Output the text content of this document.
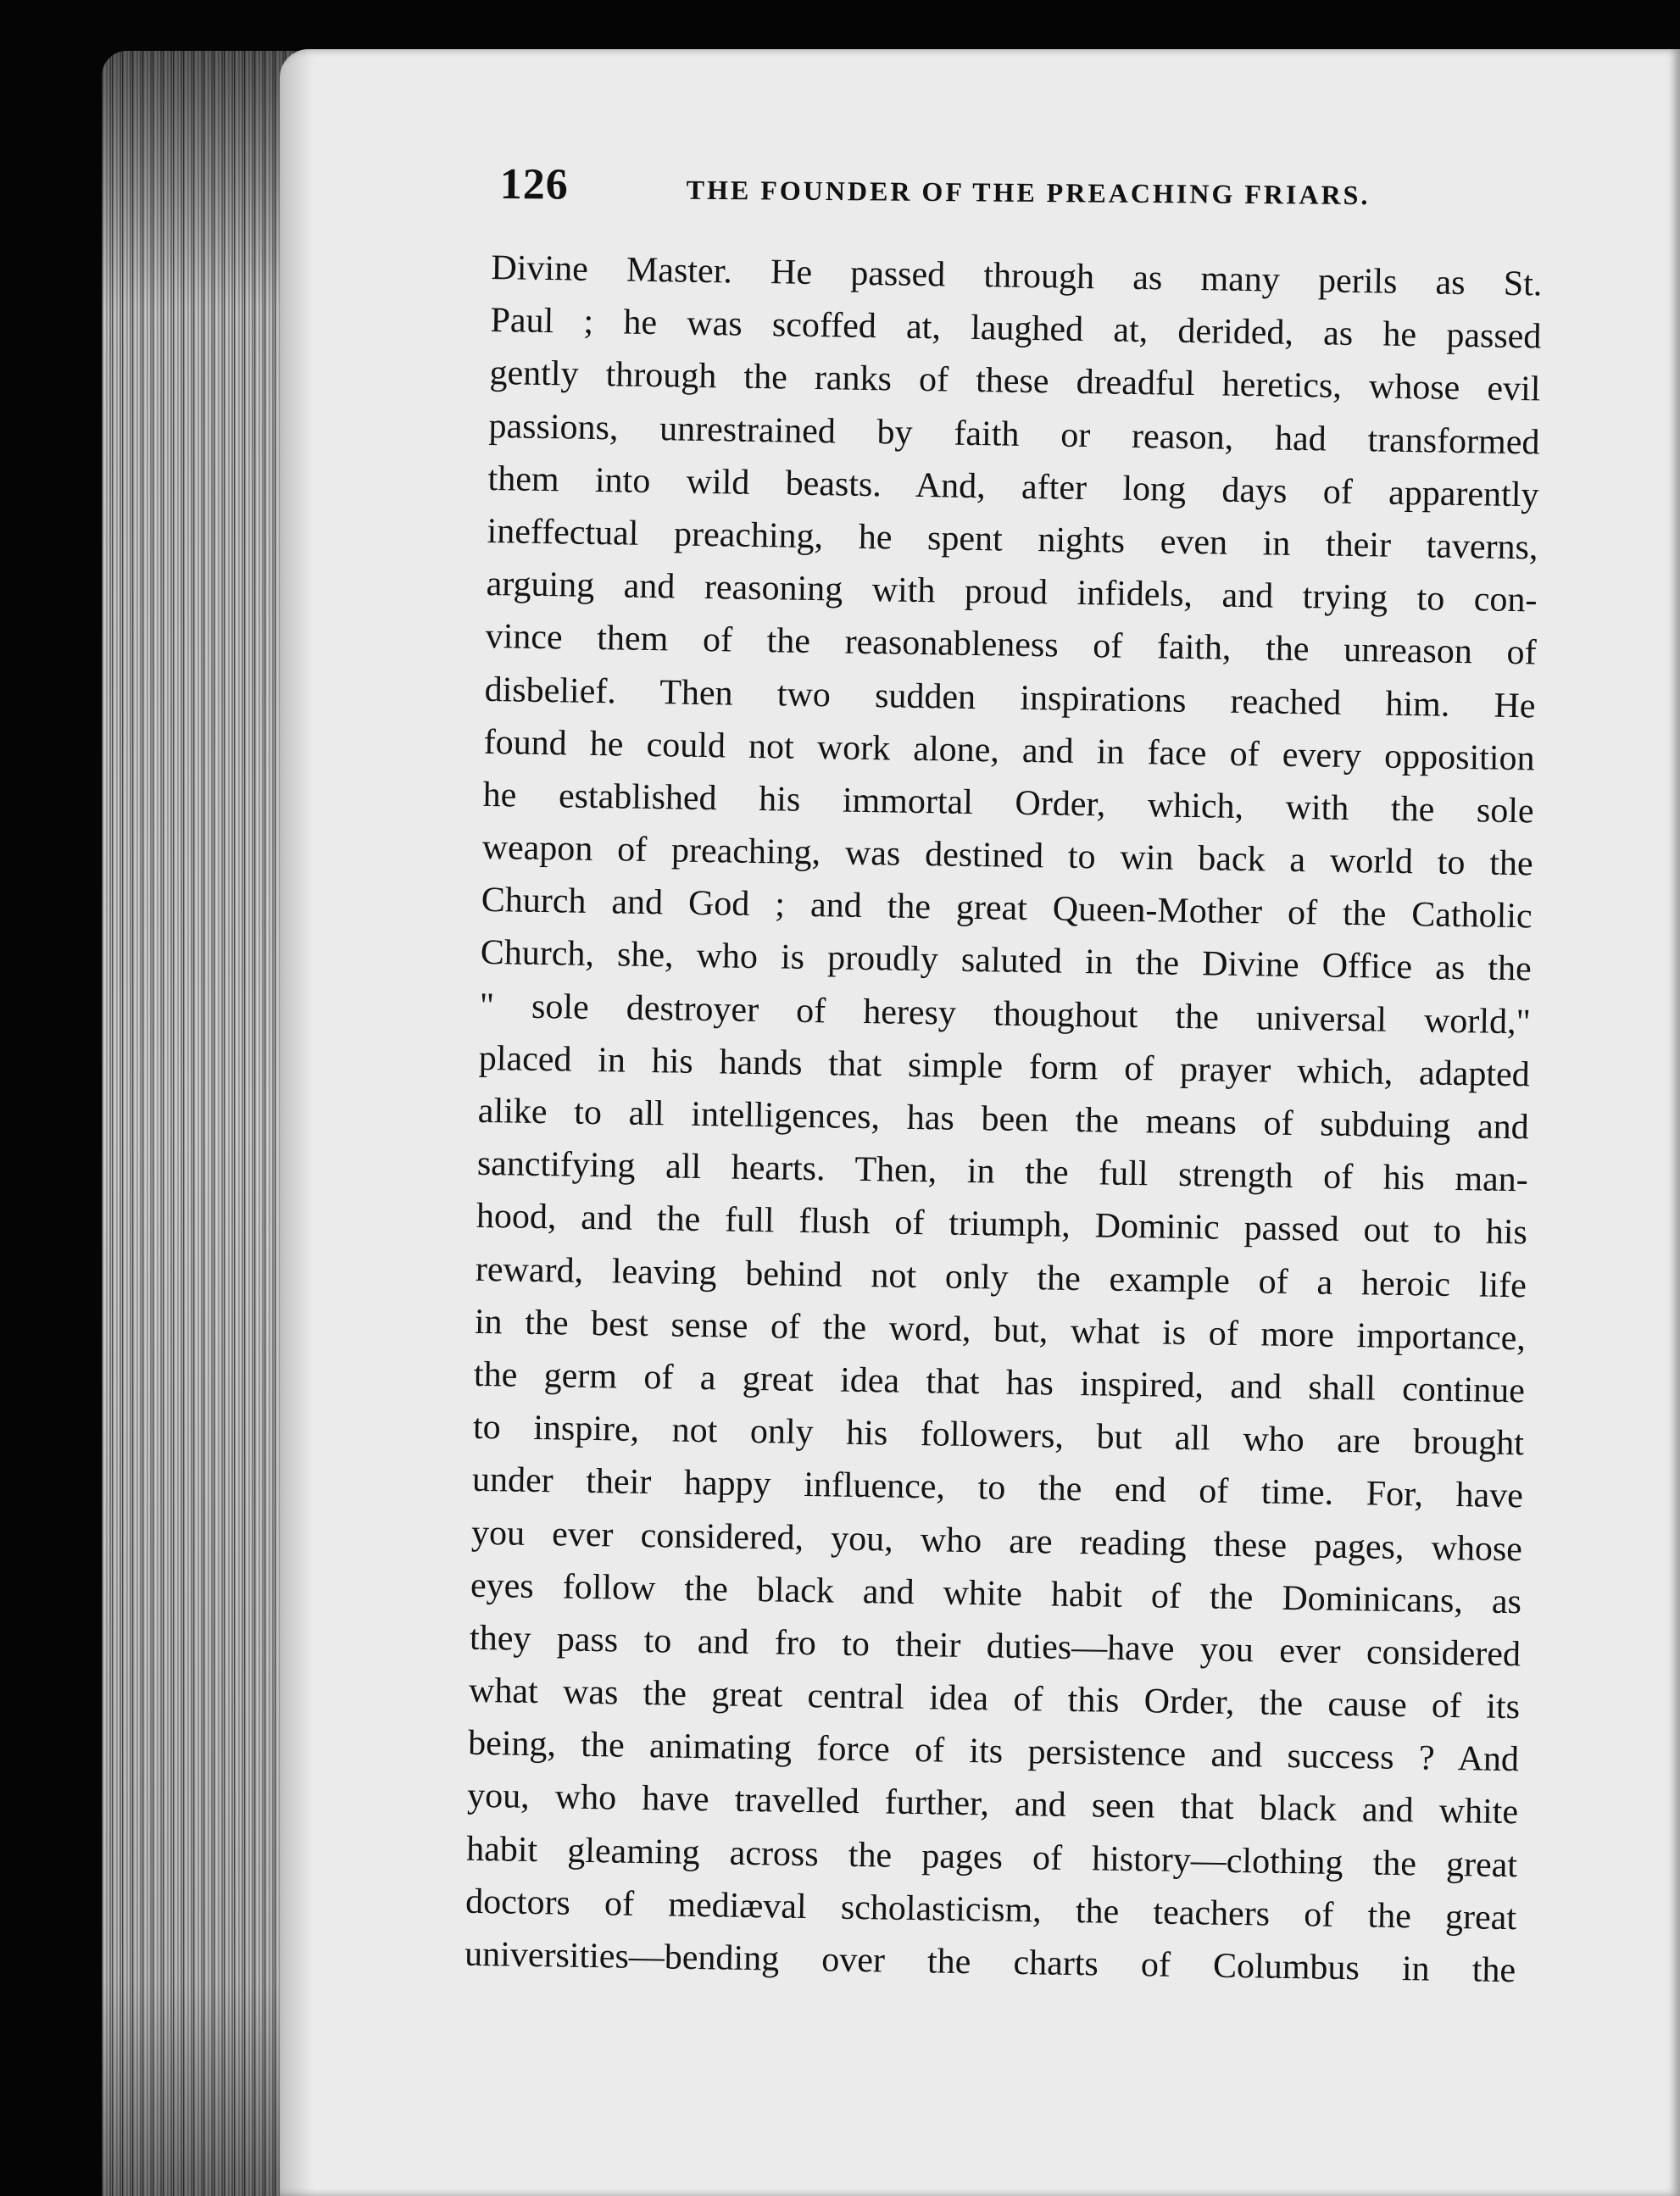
126	THE FOUNDER OF THE PREACHING FRIARS.
Divine Master. He passed through as many perils as St.
Paul ; he was scoffed at, laughed at, derided, as he passed
gently through the ranks of these dreadful heretics, whose evil
passions, unrestrained by faith or reason, had transformed
them into wild beasts. And, after long days of apparently
ineffectual preaching, he spent nights even in their taverns,
arguing and reasoning with proud infidels, and trying to con-
vince them of the reasonableness of faith, the unreason of
disbelief. Then two sudden inspirations reached him. He
found he could not work alone, and in face of every opposition
he established his immortal Order, which, with the sole
weapon of preaching, was destined to win back a world to the
Church and God ; and the great Queen-Mother of the Catholic
Church, she, who is proudly saluted in the Divine Office as the
" sole destroyer of heresy thoughout the universal world,"
placed in his hands that simple form of prayer which, adapted
alike to all intelligences, has been the means of subduing and
sanctifying all hearts. Then, in the full strength of his man-
hood, and the full flush of triumph, Dominic passed out to his
reward, leaving behind not only the example of a heroic life
in the best sense of the word, but, what is of more importance,
the germ of a great idea that has inspired, and shall continue
to inspire, not only his followers, but all who are brought
under their happy influence, to the end of time. For, have
you ever considered, you, who are reading these pages, whose
eyes follow the black and white habit of the Dominicans, as
they pass to and fro to their duties—have you ever considered
what was the great central idea of this Order, the cause of its
being, the animating force of its persistence and success ? And
you, who have travelled further, and seen that black and white
habit gleaming across the pages of history—clothing the great
doctors of mediæval scholasticism, the teachers of the great
universities—bending over the charts of Columbus in the
